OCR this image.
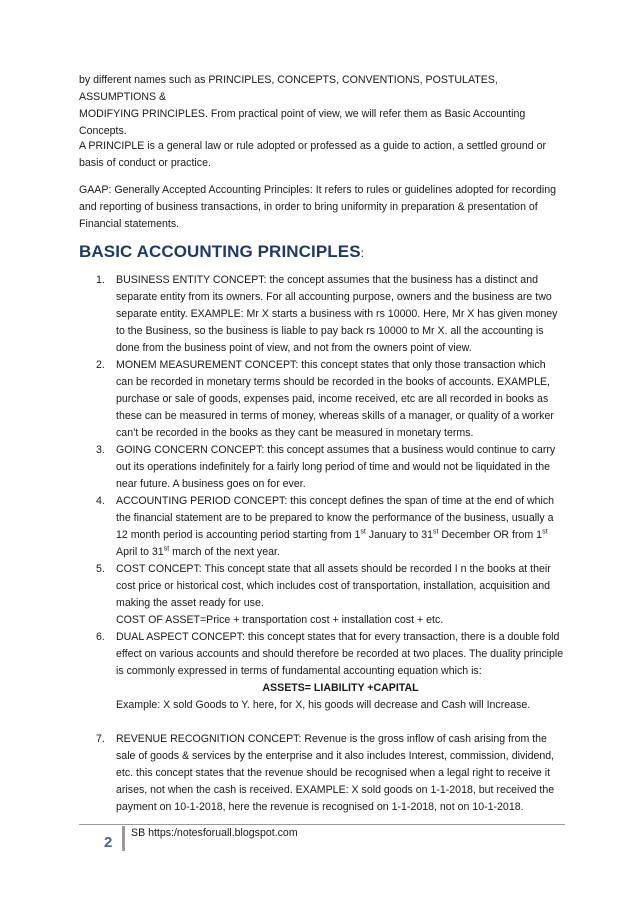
by different names such as PRINCIPLES, CONCEPTS, CONVENTIONS, POSTULATES, ASSUMPTIONS &
MODIFYING PRINCIPLES. From practical point of view, we will refer them as Basic Accounting
Concepts.

A PRINCIPLE is a general law or rule adopted or professed as a guide to action, a settled ground or basis of conduct or practice.

GAAP: Generally Accepted Accounting Principles: It refers to rules or guidelines adopted for recording and reporting of business transactions, in order to bring uniformity in preparation & presentation of Financial statements.

BASIC ACCOUNTING PRINCIPLES:
1. BUSINESS ENTITY CONCEPT: the concept assumes that the business has a distinct and separate entity from its owners. For all accounting purpose, owners and the business are two separate entity. EXAMPLE: Mr X starts a business with rs 10000. Here, Mr X has given money to the Business, so the business is liable to pay back rs 10000 to Mr X. all the accounting is done from the business point of view, and not from the owners point of view.
2. MONEM MEASUREMENT CONCEPT: this concept states that only those transaction which can be recorded in monetary terms should be recorded in the books of accounts. EXAMPLE, purchase or sale of goods, expenses paid, income received, etc are all recorded in books as these can be measured in terms of money, whereas skills of a manager, or quality of a worker can’t be recorded in the books as they cant be measured in monetary terms.
3. GOING CONCERN CONCEPT: this concept assumes that a business would continue to carry out its operations indefinitely for a fairly long period of time and would not be liquidated in the near future. A business goes on for ever.
4. ACCOUNTING PERIOD CONCEPT: this concept defines the span of time at the end of which the financial statement are to be prepared to know the performance of the business, usually a 12 month period is accounting period starting from 1st January to 31st December OR from 1st April to 31st march of the next year.
5. COST CONCEPT: This concept state that all assets should be recorded I n the books at their cost price or historical cost, which includes cost of transportation, installation, acquisition and making the asset ready for use.
COST OF ASSET=Price + transportation cost + installation cost + etc.
6. DUAL ASPECT CONCEPT: this concept states that for every transaction, there is a double fold effect on various accounts and should therefore be recorded at two places. The duality principle is commonly expressed in terms of fundamental accounting equation which is:
ASSETS= LIABILITY +CAPITAL
Example: X sold Goods to Y. here, for X, his goods will decrease and Cash will Increase.
7. REVENUE RECOGNITION CONCEPT: Revenue is the gross inflow of cash arising from the sale of goods & services by the enterprise and it also includes Interest, commission, dividend, etc. this concept states that the revenue should be recognised when a legal right to receive it arises, not when the cash is received. EXAMPLE: X sold goods on 1-1-2018, but received the payment on 10-1-2018, here the revenue is recognised on 1-1-2018, not on 10-1-2018.
2
SB https:/notesforuall.blogspot.com
